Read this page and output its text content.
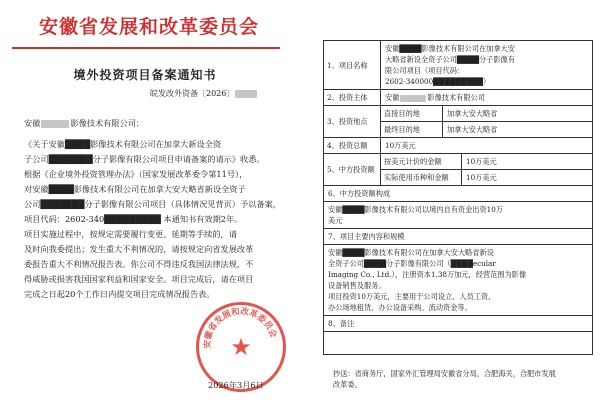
安徽省发展和改革委员会
境外投资项目备案通知书
皖发改外资备〔2026〕
安徽	影像技术有限公司：
《关于安徽████影像技术有限公司在加拿大新设全资
子公司███████分子影像有限公司项目申请备案的请示》收悉。
根据《企业境外投资管理办法》（国家发展改革委令第11号），
对安徽████影像技术有限公司在加拿大安大略省新设全资子
公司███████分子影像有限公司项目（具体情况见背页）予以备案，
项目代码：2602-340█████████ 本通知书有效期2年。
项目实施过程中，按规定需要履行变更、延期等手续的，请
及时向我委提出；发生重大不利情况的，请按规定向省发展改革
委报告重大不利情况报告表。你公司不得违反我国法律法规，不
得威胁或损害我国国家利益和国家安全。项目完成后，请在项目
完成之日起20个工作日内提交项目完成情况报告表。
安徽省发展和改革委员会
★
2026年3月6日
1、项目名称
安徽████影像技术有限公司在加拿大安
大略省新设全资子公司████分子影像有
限公司项目（项目代码：
2602-340000█████████）
2、投资主体	安徽	影像技术有限公司
3、投资地点
直接目的地	加拿大安大略省
最终目的地	加拿大安大略省
4、投资总额	10万美元
5、中方投资额
按美元计价的金额	10万美元
实际使用币种和金额	10万美元
6、中方投资额构成
安徽████影像技术有限公司以境内自有资金出资10万
美元
7、项目主要内容和规模
安徽████影像技术有限公司在加拿大安大略省新设
全资子公司████分子影像有限公司（████ecular
Imaging Co., Ltd.），注册资本1.38万加元，经营范围为影像
设备销售及服务。
项目投资10万美元，主要用于公司设立、人员工资、
办公场地租赁、办公设备采购、流动资金等。
8、备注
抄送：省商务厅，国家外汇管理局安徽省分局，合肥海关，合肥市发展
改革委。
